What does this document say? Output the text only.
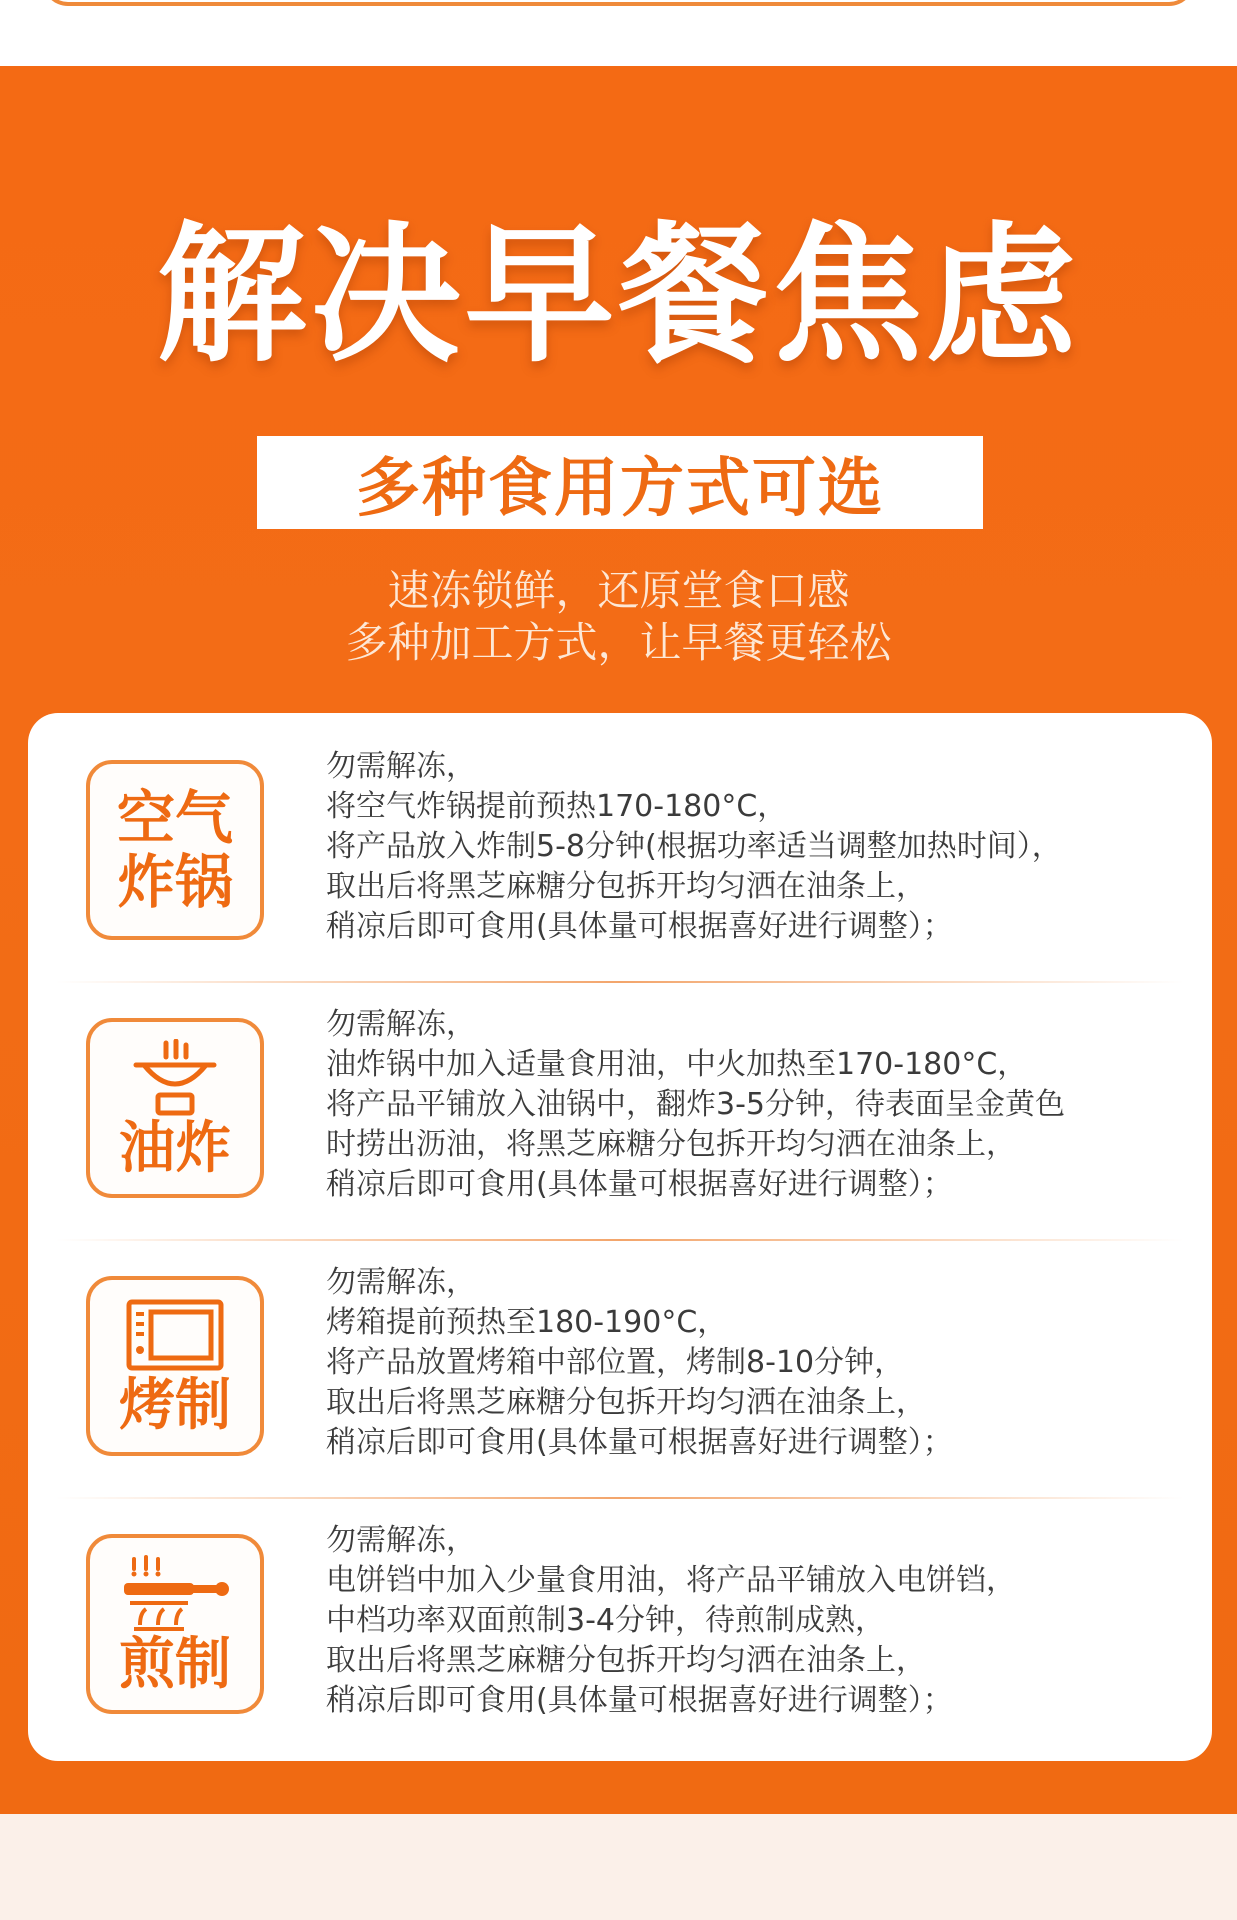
解决早餐焦虑
多种食用方式可选
速冻锁鲜，还原堂食口感
多种加工方式，让早餐更轻松
空气炸锅
勿需解冻，
将空气炸锅提前预热170-180°C，
将产品放入炸制5-8分钟(根据功率适当调整加热时间），
取出后将黑芝麻糖分包拆开均匀洒在油条上，
稍凉后即可食用(具体量可根据喜好进行调整）；
油炸
勿需解冻，
油炸锅中加入适量食用油，中火加热至170-180°C，
将产品平铺放入油锅中，翻炸3-5分钟，待表面呈金黄色
时捞出沥油，将黑芝麻糖分包拆开均匀洒在油条上，
稍凉后即可食用(具体量可根据喜好进行调整）；
烤制
勿需解冻，
烤箱提前预热至180-190°C，
将产品放置烤箱中部位置，烤制8-10分钟，
取出后将黑芝麻糖分包拆开均匀洒在油条上，
稍凉后即可食用(具体量可根据喜好进行调整）；
煎制
勿需解冻，
电饼铛中加入少量食用油，将产品平铺放入电饼铛，
中档功率双面煎制3-4分钟，待煎制成熟，
取出后将黑芝麻糖分包拆开均匀洒在油条上，
稍凉后即可食用(具体量可根据喜好进行调整）；
